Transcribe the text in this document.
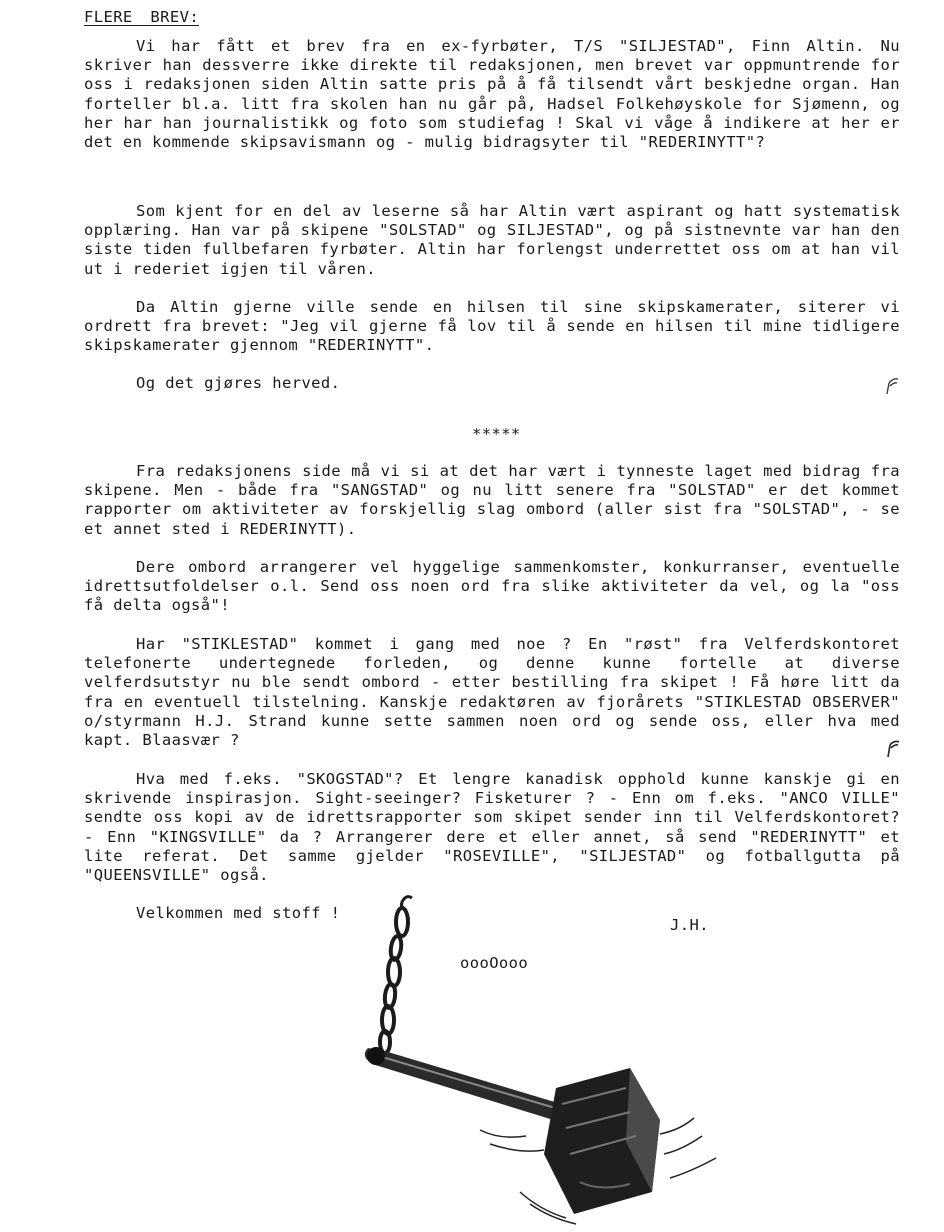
FLERE BREV:

Vi har fått et brev fra en ex-fyrbøter, T/S "SILJESTAD", Finn Altin. Nu skriver han dessverre ikke direkte til redaksjonen, men brevet var oppmuntrende for oss i redaksjonen siden Altin satte pris på å få tilsendt vårt beskjedne organ. Han forteller bl.a. litt fra skolen han nu går på, Hadsel Folkehøyskole for Sjømenn, og her har han journalistikk og foto som studiefag ! Skal vi våge å indikere at her er det en kommende skipsavismann og - mulig bidragsyter til "REDERINYTT"?

Som kjent for en del av leserne så har Altin vært aspirant og hatt systematisk opplæring. Han var på skipene "SOLSTAD" og SILJESTAD", og på sistnevnte var han den siste tiden fullbefaren fyrbøter. Altin har forlengst underrettet oss om at han vil ut i rederiet igjen til våren.

Da Altin gjerne ville sende en hilsen til sine skipskamerater, siterer vi ordrett fra brevet: "Jeg vil gjerne få lov til å sende en hilsen til mine tidligere skipskamerater gjennom "REDERINYTT".

Og det gjøres herved.

*****

Fra redaksjonens side må vi si at det har vært i tynneste laget med bidrag fra skipene. Men - både fra "SANGSTAD" og nu litt senere fra "SOLSTAD" er det kommet rapporter om aktiviteter av forskjellig slag ombord (aller sist fra "SOLSTAD", - se et annet sted i REDERINYTT).

Dere ombord arrangerer vel hyggelige sammenkomster, konkurranser, eventuelle idrettsutfoldelser o.l. Send oss noen ord fra slike aktiviteter da vel, og la "oss få delta også"!

Har "STIKLESTAD" kommet i gang med noe ? En "røst" fra Velferdskontoret telefonerte undertegnede forleden, og denne kunne fortelle at diverse velferdsutstyr nu ble sendt ombord - etter bestilling fra skipet ! Få høre litt da fra en eventuell tilstelning. Kanskje redaktøren av fjorårets "STIKLESTAD OBSERVER" o/styrmann H.J. Strand kunne sette sammen noen ord og sende oss, eller hva med kapt. Blaasvær ?

Hva med f.eks. "SKOGSTAD"? Et lengre kanadisk opphold kunne kanskje gi en skrivende inspirasjon. Sight-seeinger? Fisketurer ? - Enn om f.eks. "ANCO VILLE" sendte oss kopi av de idrettsrapporter som skipet sender inn til Velferdskontoret? - Enn "KINGSVILLE" da ? Arrangerer dere et eller annet, så send "REDERINYTT" et lite referat. Det samme gjelder "ROSEVILLE", "SILJESTAD" og fotballgutta på "QUEENSVILLE" også.

Velkommen med stoff !
J.H.
oooOooo
